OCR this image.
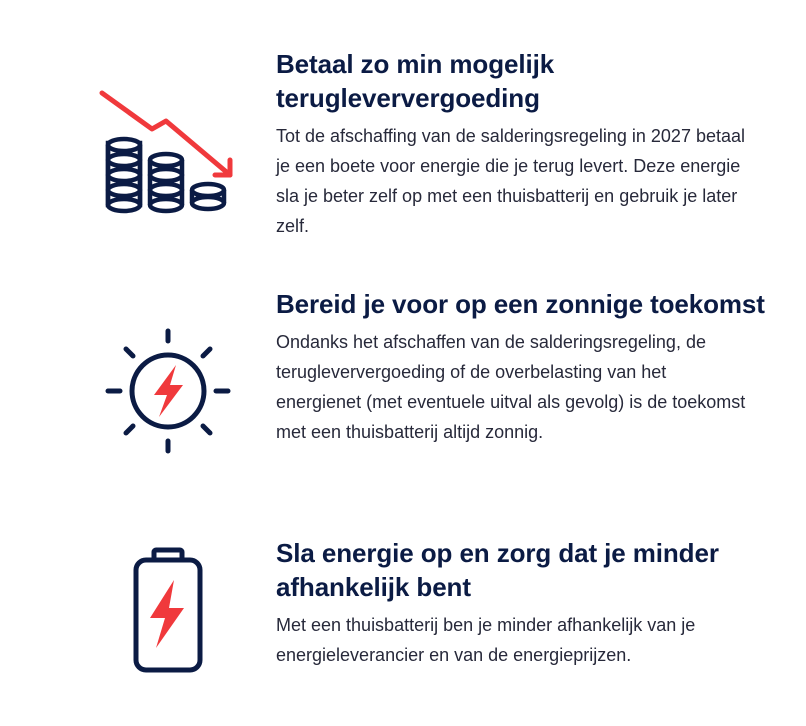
Betaal zo min mogelijk terugleververgoeding

Tot de afschaffing van de salderingsregeling in 2027 betaal je een boete voor energie die je terug levert. Deze energie sla je beter zelf op met een thuisbatterij en gebruik je later zelf.

Bereid je voor op een zonnige toekomst

Ondanks het afschaffen van de salderingsregeling, de terugleververgoeding of de overbelasting van het energienet (met eventuele uitval als gevolg) is de toekomst met een thuisbatterij altijd zonnig.

Sla energie op en zorg dat je minder afhankelijk bent

Met een thuisbatterij ben je minder afhankelijk van je energieleverancier en van de energieprijzen.
